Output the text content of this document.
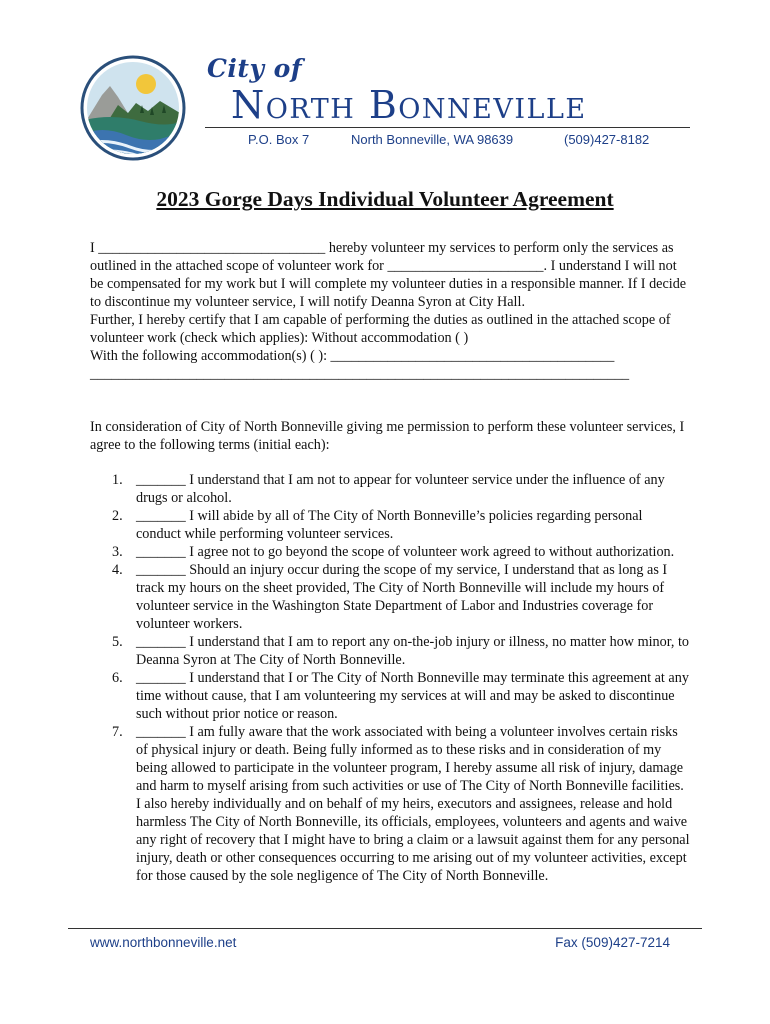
City of
North Bonneville
P.O. Box 7	North Bonneville, WA 98639	(509)427-8182
2023 Gorge Days Individual Volunteer Agreement

I ________________________________ hereby volunteer my services to perform only the services as outlined in the attached scope of volunteer work for ______________________. I understand I will not be compensated for my work but I will complete my volunteer duties in a responsible manner. If I decide to discontinue my volunteer service, I will notify Deanna Syron at City Hall.

Further, I hereby certify that I am capable of performing the duties as outlined in the attached scope of volunteer work (check which applies): Without accommodation ( )

With the following accommodation(s) ( ): ________________________________________ ____________________________________________________________________________

In consideration of City of North Bonneville giving me permission to perform these volunteer services, I agree to the following terms (initial each):
1. _______ I understand that I am not to appear for volunteer service under the influence of any drugs or alcohol.
2. _______ I will abide by all of The City of North Bonneville’s policies regarding personal conduct while performing volunteer services.
3. _______ I agree not to go beyond the scope of volunteer work agreed to without authorization.
4. _______ Should an injury occur during the scope of my service, I understand that as long as I track my hours on the sheet provided, The City of North Bonneville will include my hours of volunteer service in the Washington State Department of Labor and Industries coverage for volunteer workers.
5. _______ I understand that I am to report any on-the-job injury or illness, no matter how minor, to Deanna Syron at The City of North Bonneville.
6. _______ I understand that I or The City of North Bonneville may terminate this agreement at any time without cause, that I am volunteering my services at will and may be asked to discontinue such without prior notice or reason.
7. _______ I am fully aware that the work associated with being a volunteer involves certain risks of physical injury or death. Being fully informed as to these risks and in consideration of my being allowed to participate in the volunteer program, I hereby assume all risk of injury, damage and harm to myself arising from such activities or use of The City of North Bonneville facilities. I also hereby individually and on behalf of my heirs, executors and assignees, release and hold harmless The City of North Bonneville, its officials, employees, volunteers and agents and waive any right of recovery that I might have to bring a claim or a lawsuit against them for any personal injury, death or other consequences occurring to me arising out of my volunteer activities, except for those caused by the sole negligence of The City of North Bonneville.
www.northbonneville.net	Fax (509)427-7214
